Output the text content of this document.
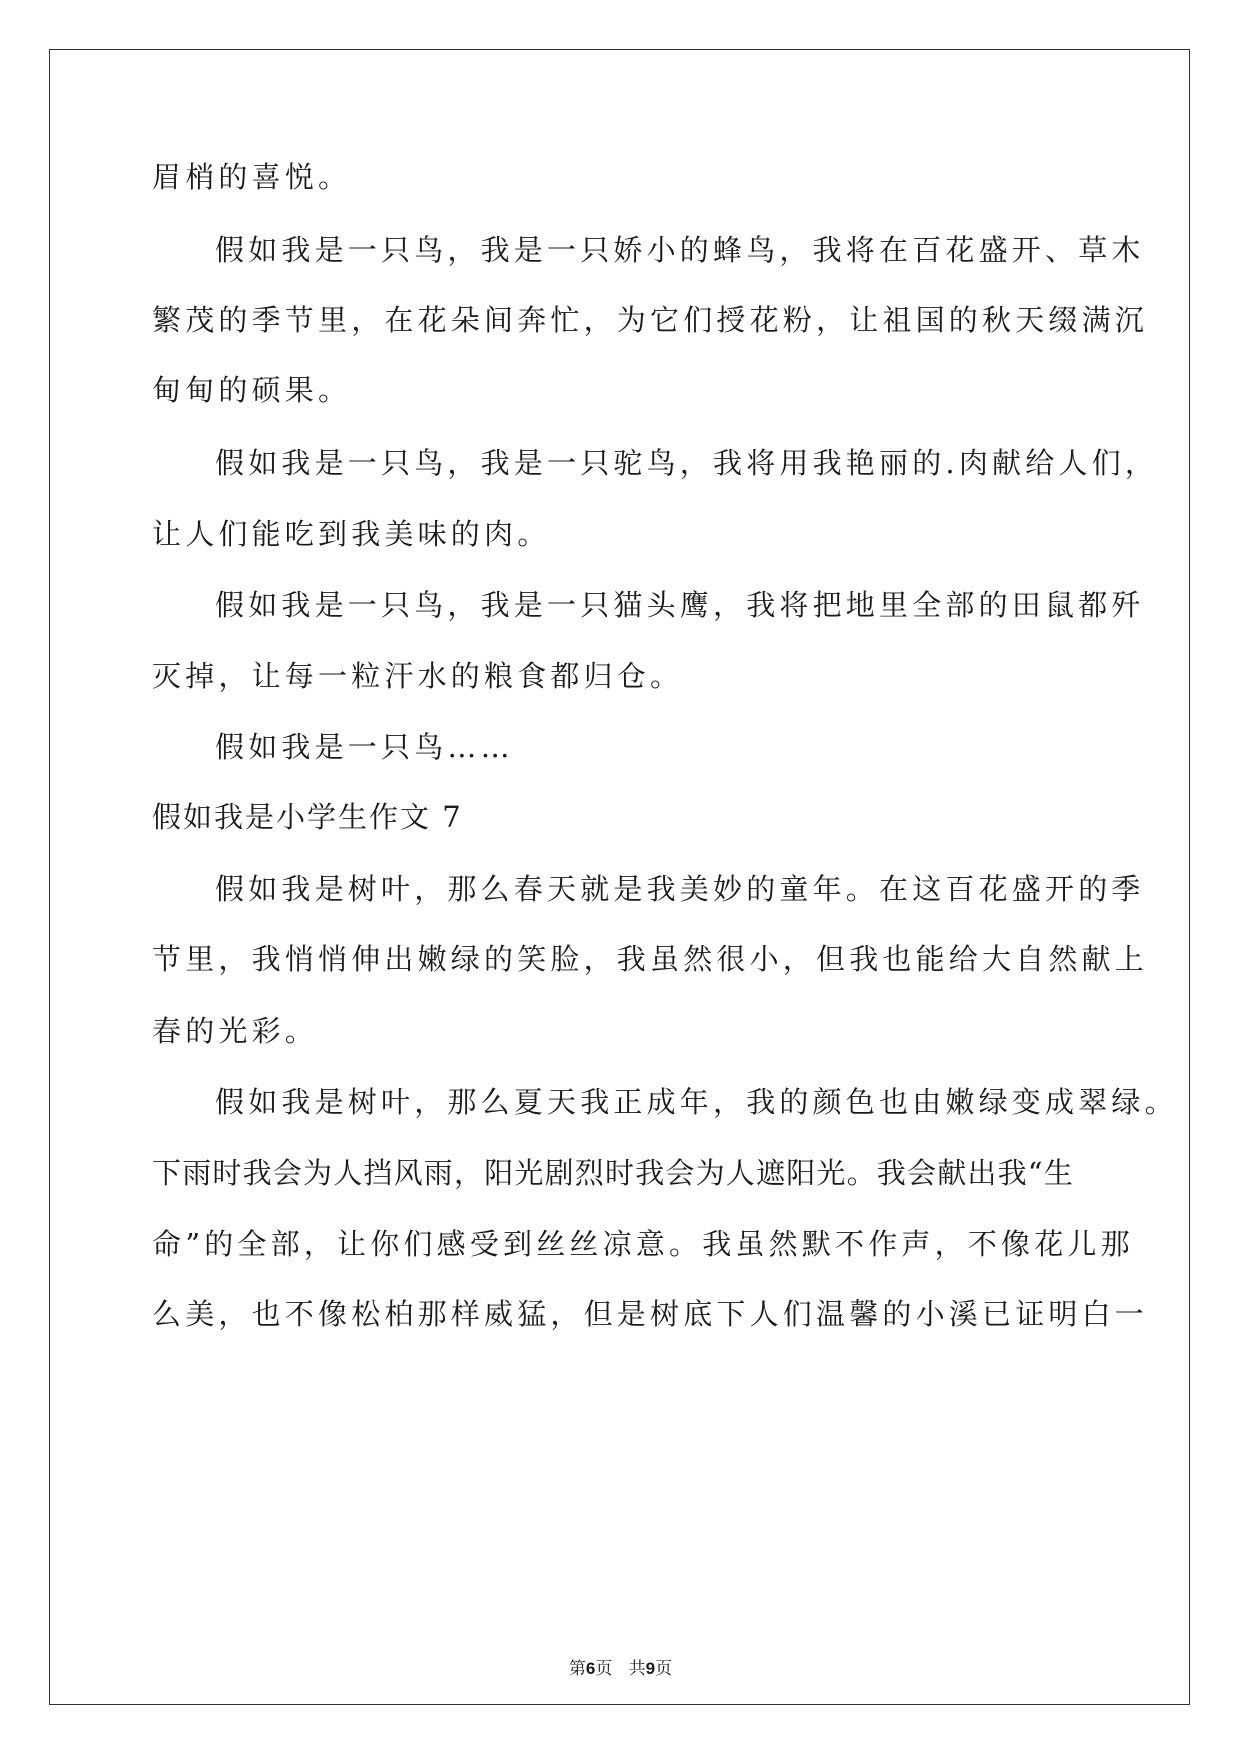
眉梢的喜悦。
假如我是一只鸟，我是一只娇小的蜂鸟，我将在百花盛开、草木
繁茂的季节里，在花朵间奔忙，为它们授花粉，让祖国的秋天缀满沉
甸甸的硕果。
假如我是一只鸟，我是一只驼鸟，我将用我艳丽的.肉献给人们，
让人们能吃到我美味的肉。
假如我是一只鸟，我是一只猫头鹰，我将把地里全部的田鼠都歼
灭掉，让每一粒汗水的粮食都归仓。
假如我是一只鸟……
假如我是小学生作文 7
假如我是树叶，那么春天就是我美妙的童年。在这百花盛开的季
节里，我悄悄伸出嫩绿的笑脸，我虽然很小，但我也能给大自然献上
春的光彩。
假如我是树叶，那么夏天我正成年，我的颜色也由嫩绿变成翠绿。
下雨时我会为人挡风雨，阳光剧烈时我会为人遮阳光。我会献出我“生
命”的全部，让你们感受到丝丝凉意。我虽然默不作声，不像花儿那
么美，也不像松柏那样威猛，但是树底下人们温馨的小溪已证明白一
第6页 共9页
